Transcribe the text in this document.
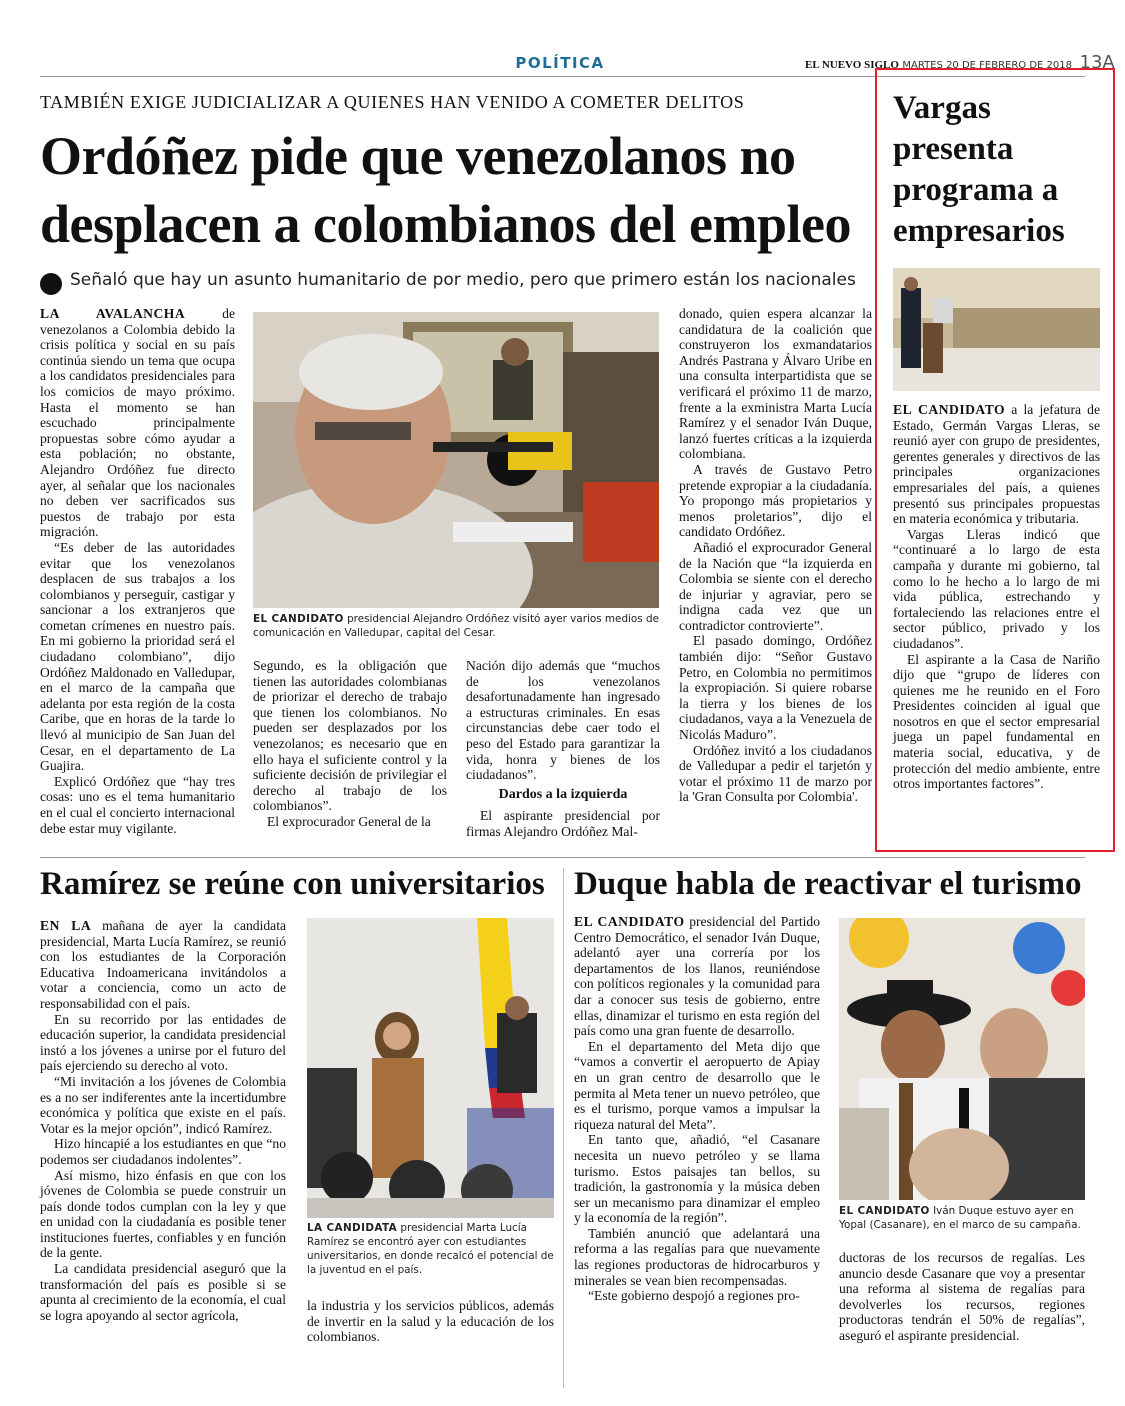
POLÍTICA	EL NUEVO SIGLO MARTES 20 DE FEBRERO DE 2018 13A
TAMBIÉN EXIGE JUDICIALIZAR A QUIENES HAN VENIDO A COMETER DELITOS
Ordóñez pide que venezolanos no desplacen a colombianos del empleo
Señaló que hay un asunto humanitario de por medio, pero que primero están los nacionales

LA AVALANCHA de venezolanos a Colombia debido la crisis política y social en su país continúa siendo un tema que ocupa a los candidatos presidenciales para los comicios de mayo próximo. Hasta el momento se han escuchado principalmente propuestas sobre cómo ayudar a esta población; no obstante, Alejandro Ordóñez fue directo ayer, al señalar que los nacionales no deben ver sacrificados sus puestos de trabajo por esta migración.

“Es deber de las autoridades evitar que los venezolanos desplacen de sus trabajos a los colombianos y perseguir, castigar y sancionar a los extranjeros que cometan crímenes en nuestro país. En mi gobierno la prioridad será el ciudadano colombiano”, dijo Ordóñez Maldonado en Valledupar, en el marco de la campaña que adelanta por esta región de la costa Caribe, que en horas de la tarde lo llevó al municipio de San Juan del Cesar, en el departamento de La Guajira.

Explicó Ordóñez que “hay tres cosas: uno es el tema humanitario en el cual el concierto internacional debe estar muy vigilante.

EL CANDIDATO presidencial Alejandro Ordóñez visitó ayer varios medios de comunicación en Valledupar, capital del Cesar.

Segundo, es la obligación que tienen las autoridades colombianas de priorizar el derecho de trabajo que tienen los colombianos. No pueden ser desplazados por los venezolanos; es necesario que en ello haya el suficiente control y la suficiente decisión de privilegiar el derecho al trabajo de los colombianos”.

El exprocurador General de la

Nación dijo además que “muchos de los venezolanos desafortunadamente han ingresado a estructuras criminales. En esas circunstancias debe caer todo el peso del Estado para garantizar la vida, honra y bienes de los ciudadanos”.

Dardos a la izquierda

El aspirante presidencial por firmas Alejandro Ordóñez Mal-

donado, quien espera alcanzar la candidatura de la coalición que construyeron los exmandatarios Andrés Pastrana y Álvaro Uribe en una consulta interpartidista que se verificará el próximo 11 de marzo, frente a la exministra Marta Lucía Ramírez y el senador Iván Duque, lanzó fuertes críticas a la izquierda colombiana.

A través de Gustavo Petro pretende expropiar a la ciudadanía. Yo propongo más propietarios y menos proletarios”, dijo el candidato Ordóñez.

Añadió el exprocurador General de la Nación que “la izquierda en Colombia se siente con el derecho de injuriar y agraviar, pero se indigna cada vez que un contradictor controvierte”.

El pasado domingo, Ordóñez también dijo: “Señor Gustavo Petro, en Colombia no permitimos la expropiación. Si quiere robarse la tierra y los bienes de los ciudadanos, vaya a la Venezuela de Nicolás Maduro”.

Ordóñez invitó a los ciudadanos de Valledupar a pedir el tarjetón y votar el próximo 11 de marzo por la 'Gran Consulta por Colombia'.

Vargas presenta programa a empresarios

EL CANDIDATO a la jefatura de Estado, Germán Vargas Lleras, se reunió ayer con grupo de presidentes, gerentes generales y directivos de las principales organizaciones empresariales del país, a quienes presentó sus principales propuestas en materia económica y tributaria.

Vargas Lleras indicó que “continuaré a lo largo de esta campaña y durante mi gobierno, tal como lo he hecho a lo largo de mi vida pública, estrechando y fortaleciendo las relaciones entre el sector público, privado y los ciudadanos”.

El aspirante a la Casa de Nariño dijo que “grupo de líderes con quienes me he reunido en el Foro Presidentes coinciden al igual que nosotros en que el sector empresarial juega un papel fundamental en materia social, educativa, y de protección del medio ambiente, entre otros importantes factores”.

Ramírez se reúne con universitarios

EN LA mañana de ayer la candidata presidencial, Marta Lucía Ramírez, se reunió con los estudiantes de la Corporación Educativa Indoamericana invitándolos a votar a conciencia, como un acto de responsabilidad con el país.

En su recorrido por las entidades de educación superior, la candidata presidencial instó a los jóvenes a unirse por el futuro del país ejerciendo su derecho al voto.

“Mi invitación a los jóvenes de Colombia es a no ser indiferentes ante la incertidumbre económica y política que existe en el país. Votar es la mejor opción”, indicó Ramírez.

Hizo hincapié a los estudiantes en que “no podemos ser ciudadanos indolentes”.

Así mismo, hizo énfasis en que con los jóvenes de Colombia se puede construir un país donde todos cumplan con la ley y que en unidad con la ciudadanía es posible tener instituciones fuertes, confiables y en función de la gente.

La candidata presidencial aseguró que la transformación del país es posible si se apunta al crecimiento de la economía, el cual se logra apoyando al sector agrícola,

LA CANDIDATA presidencial Marta Lucía Ramírez se encontró ayer con estudiantes universitarios, en donde recalcó el potencial de la juventud en el país.

la industria y los servicios públicos, además de invertir en la salud y la educación de los colombianos.

Duque habla de reactivar el turismo

EL CANDIDATO presidencial del Partido Centro Democrático, el senador Iván Duque, adelantó ayer una correría por los departamentos de los llanos, reuniéndose con políticos regionales y la comunidad para dar a conocer sus tesis de gobierno, entre ellas, dinamizar el turismo en esta región del país como una gran fuente de desarrollo.

En el departamento del Meta dijo que “vamos a convertir el aeropuerto de Apiay en un gran centro de desarrollo que le permita al Meta tener un nuevo petróleo, que es el turismo, porque vamos a impulsar la riqueza natural del Meta”.

En tanto que, añadió, “el Casanare necesita un nuevo petróleo y se llama turismo. Estos paisajes tan bellos, su tradición, la gastronomía y la música deben ser un mecanismo para dinamizar el empleo y la economía de la región”.

También anunció que adelantará una reforma a las regalías para que nuevamente las regiones productoras de hidrocarburos y minerales se vean bien recompensadas.

“Este gobierno despojó a regiones pro-

EL CANDIDATO Iván Duque estuvo ayer en Yopal (Casanare), en el marco de su campaña.

ductoras de los recursos de regalías. Les anuncio desde Casanare que voy a presentar una reforma al sistema de regalías para devolverles los recursos, regiones productoras tendrán el 50% de regalías”, aseguró el aspirante presidencial.
